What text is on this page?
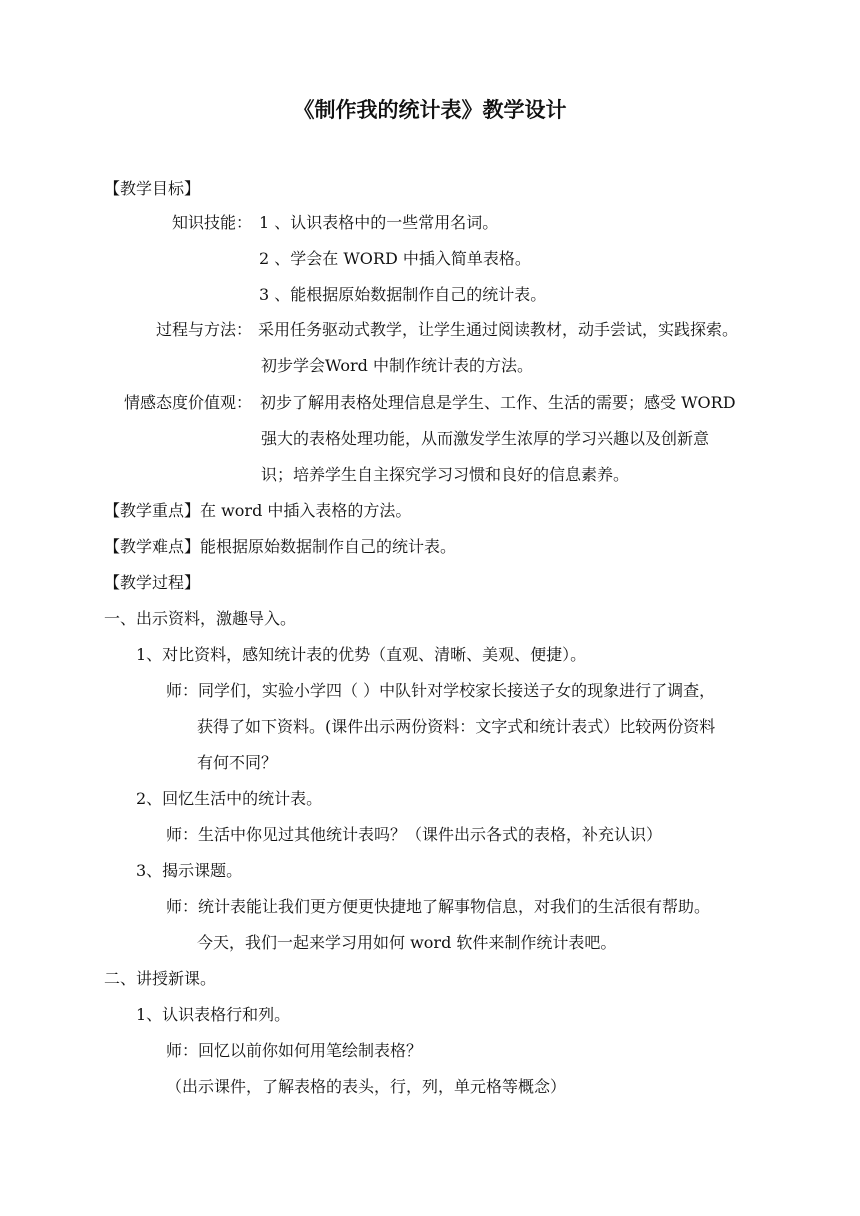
《制作我的统计表》教学设计
【教学目标】
知识技能： 1 、认识表格中的一些常用名词。
2 、学会在 WORD 中插入简单表格。
3 、能根据原始数据制作自己的统计表。
过程与方法： 采用任务驱动式教学，让学生通过阅读教材，动手尝试，实践探索。
初步学会Word 中制作统计表的方法。
情感态度价值观： 初步了解用表格处理信息是学生、工作、生活的需要；感受 WORD
强大的表格处理功能，从而激发学生浓厚的学习兴趣以及创新意
识；培养学生自主探究学习习惯和良好的信息素养。
【教学重点】在 word 中插入表格的方法。
【教学难点】能根据原始数据制作自己的统计表。
【教学过程】
一、出示资料，激趣导入。
1、对比资料，感知统计表的优势（直观、清晰、美观、便捷）。
师：同学们，实验小学四（ ）中队针对学校家长接送子女的现象进行了调查，
获得了如下资料。(课件出示两份资料：文字式和统计表式）比较两份资料
有何不同？
2、回忆生活中的统计表。
师：生活中你见过其他统计表吗？（课件出示各式的表格，补充认识）
3、揭示课题。
师：统计表能让我们更方便更快捷地了解事物信息，对我们的生活很有帮助。
今天，我们一起来学习用如何 word 软件来制作统计表吧。
二、讲授新课。
1、认识表格行和列。
师：回忆以前你如何用笔绘制表格？
（出示课件，了解表格的表头，行，列，单元格等概念）
